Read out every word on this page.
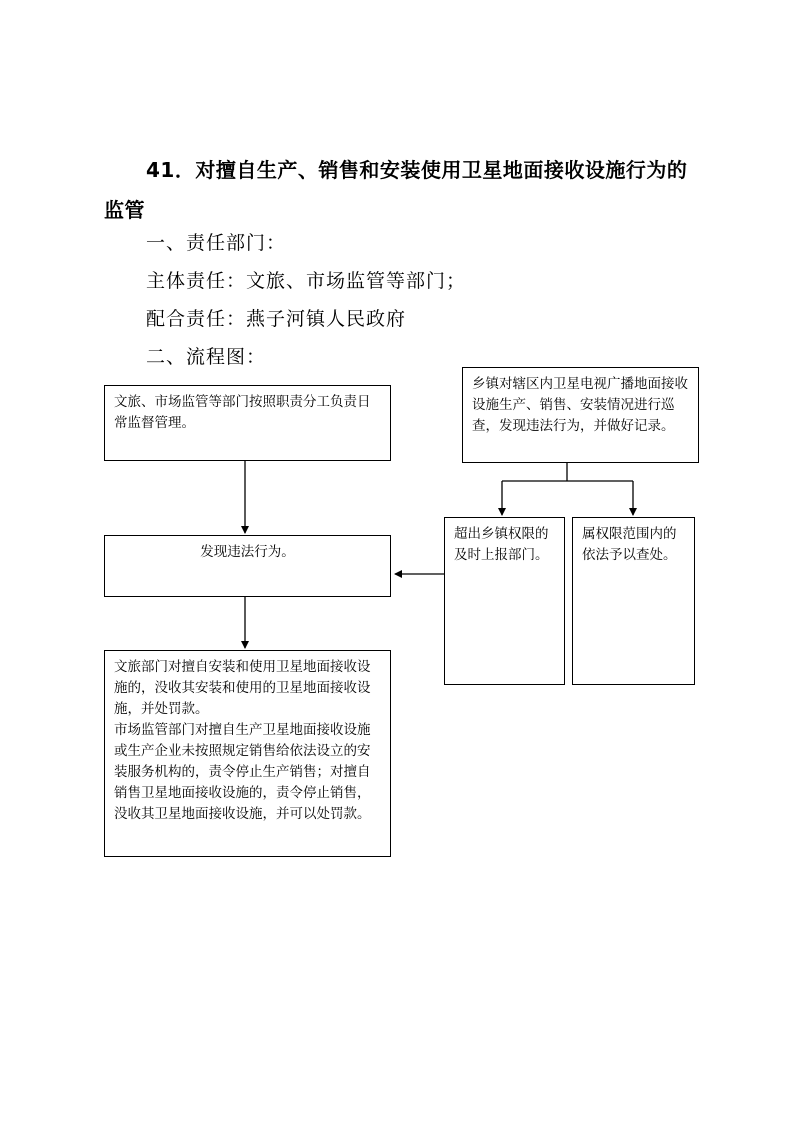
41．对擅自生产、销售和安装使用卫星地面接收设施行为的监管
一、责任部门：
主体责任：文旅、市场监管等部门；
配合责任：燕子河镇人民政府
二、流程图：
文旅、市场监管等部门按照职责分工负责日常监督管理。
乡镇对辖区内卫星电视广播地面接收设施生产、销售、安装情况进行巡查，发现违法行为，并做好记录。
发现违法行为。
超出乡镇权限的及时上报部门。
属权限范围内的依法予以查处。
文旅部门对擅自安装和使用卫星地面接收设施的，没收其安装和使用的卫星地面接收设施，并处罚款。
市场监管部门对擅自生产卫星地面接收设施或生产企业未按照规定销售给依法设立的安装服务机构的，责令停止生产销售；对擅自销售卫星地面接收设施的，责令停止销售，没收其卫星地面接收设施，并可以处罚款。
